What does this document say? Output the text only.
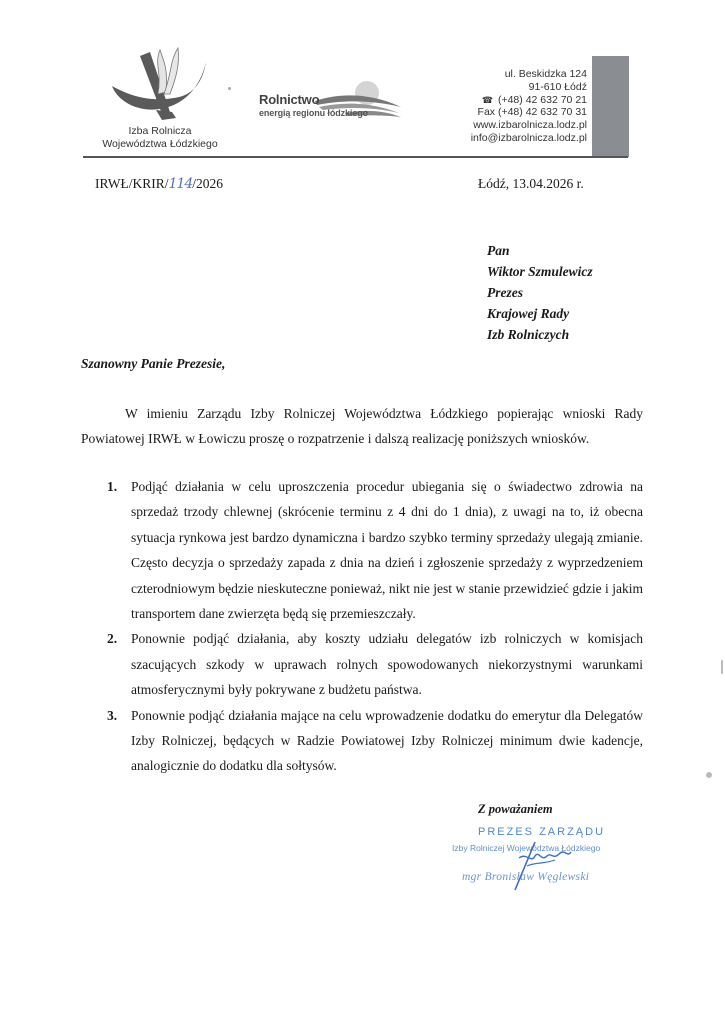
Izba Rolnicza
Województwa Łódzkiego
Rolnictwo
energią regionu łódzkiego
ul. Beskidzka 124
91-610 Łódź
☎ (+48) 42 632 70 21
Fax (+48) 42 632 70 31
www.izbarolnicza.lodz.pl
info@izbarolnicza.lodz.pl
IRWŁ/KRIR/114/2026	Łódź, 13.04.2026 r.
Pan
Wiktor Szmulewicz
Prezes
Krajowej Rady
Izb Rolniczych
Szanowny Panie Prezesie,
W imieniu Zarządu Izby Rolniczej Województwa Łódzkiego popierając wnioski Rady Powiatowej IRWŁ w Łowiczu proszę o rozpatrzenie i dalszą realizację poniższych wniosków.
1. Podjąć działania w celu uproszczenia procedur ubiegania się o świadectwo zdrowia na sprzedaż trzody chlewnej (skrócenie terminu z 4 dni do 1 dnia), z uwagi na to, iż obecna sytuacja rynkowa jest bardzo dynamiczna i bardzo szybko terminy sprzedaży ulegają zmianie. Często decyzja o sprzedaży zapada z dnia na dzień i zgłoszenie sprzedaży z wyprzedzeniem czterodniowym będzie nieskuteczne ponieważ, nikt nie jest w stanie przewidzieć gdzie i jakim transportem dane zwierzęta będą się przemieszczały.
2. Ponownie podjąć działania, aby koszty udziału delegatów izb rolniczych w komisjach szacujących szkody w uprawach rolnych spowodowanych niekorzystnymi warunkami atmosferycznymi były pokrywane z budżetu państwa.
3. Ponownie podjąć działania mające na celu wprowadzenie dodatku do emerytur dla Delegatów Izby Rolniczej, będących w Radzie Powiatowej Izby Rolniczej minimum dwie kadencje, analogicznie do dodatku dla sołtysów.
Z poważaniem
PREZES ZARZĄDU
Izby Rolniczej Województwa Łódzkiego
mgr Bronisław Węglewski
